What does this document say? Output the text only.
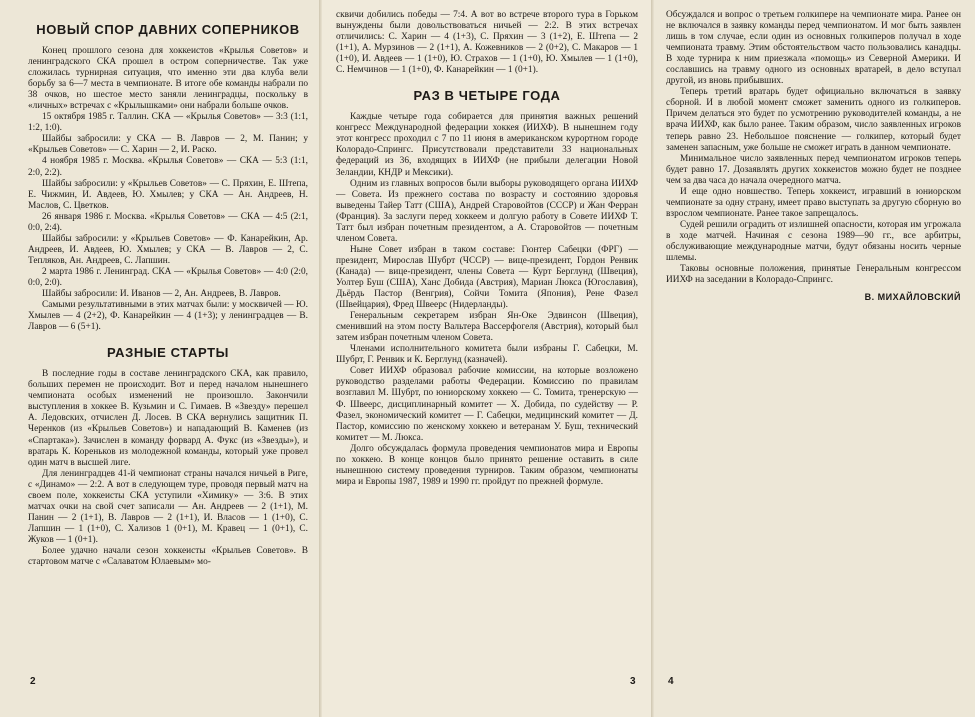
НОВЫЙ СПОР ДАВНИХ СОПЕРНИКОВ

Конец прошлого сезона для хоккеистов «Крылья Советов» и ленинградского СКА прошел в остром соперничестве. Так уже сложилась турнирная ситуация, что именно эти два клуба вели борьбу за 6—7 места в чемпионате. В итоге обе команды набрали по 38 очков, но шестое место заняли ленинградцы, поскольку в «личных» встречах с «Крылышками» они набрали больше очков.

15 октября 1985 г. Таллин. СКА — «Крылья Советов» — 3:3 (1:1, 1:2, 1:0).

Шайбы забросили: у СКА — В. Лавров — 2, М. Панин; у «Крыльев Советов» — С. Харин — 2, И. Раско.

4 ноября 1985 г. Москва. «Крылья Советов» — СКА — 5:3 (1:1, 2:0, 2:2).

Шайбы забросили: у «Крыльев Советов» — С. Пряхин, Е. Штепа, Е. Чижмин, И. Авдеев, Ю. Хмылев; у СКА — Ан. Андреев, Н. Маслов, С. Цветков.

26 января 1986 г. Москва. «Крылья Советов» — СКА — 4:5 (2:1, 0:0, 2:4).

Шайбы забросили: у «Крыльев Советов» — Ф. Канарейкин, Ар. Андреев, И. Авдеев, Ю. Хмылев; у СКА — В. Лавров — 2, С. Тепляков, Ан. Андреев, С. Лапшин.

2 марта 1986 г. Ленинград. СКА — «Крылья Советов» — 4:0 (2:0, 0:0, 2:0).

Шайбы забросили: И. Иванов — 2, Ан. Андреев, В. Лавров.

Самыми результативными в этих матчах были: у москвичей — Ю. Хмылев — 4 (2+2), Ф. Канарейкин — 4 (1+3); у ленинградцев — В. Лавров — 6 (5+1).

РАЗНЫЕ СТАРТЫ

В последние годы в составе ленинградского СКА, как правило, больших перемен не происходит. Вот и перед началом нынешнего чемпионата особых изменений не произошло. Закончили выступления в хоккее В. Кузьмин и С. Гимаев. В «Звезду» перешел А. Ледовских, отчислен Д. Лосев. В СКА вернулись защитник П. Черенков (из «Крыльев Советов») и нападающий В. Каменев (из «Спартака»). Зачислен в команду форвард А. Фукс (из «Звезды»), и вратарь К. Кореньков из молодежной команды, который уже провел один матч в высшей лиге.

Для ленинградцев 41-й чемпионат страны начался ничьей в Риге, с «Динамо» — 2:2. А вот в следующем туре, проводя первый матч на своем поле, хоккеисты СКА уступили «Химику» — 3:6. В этих матчах очки на свой счет записали — Ан. Андреев — 2 (1+1), М. Панин — 2 (1+1), В. Лавров — 2 (1+1), И. Власов — 1 (1+0), С. Лапшин — 1 (1+0), С. Хализов 1 (0+1), М. Кравец — 1 (0+1), С. Жуков — 1 (0+1).

Более удачно начали сезон хоккеисты «Крыльев Советов». В стартовом матче с «Салаватом Юлаевым» мо-

сквичи добились победы — 7:4. А вот во встрече второго тура в Горьком вынуждены были довольствоваться ничьей — 2:2. В этих встречах отличились: С. Харин — 4 (1+3), С. Пряхин — 3 (1+2), Е. Штепа — 2 (1+1), А. Мурзинов — 2 (1+1), А. Кожевников — 2 (0+2), С. Макаров — 1 (1+0), И. Авдеев — 1 (1+0), Ю. Страхов — 1 (1+0), Ю. Хмылев — 1 (1+0), С. Немчинов — 1 (1+0), Ф. Канарейкин — 1 (0+1).

РАЗ В ЧЕТЫРЕ ГОДА

Каждые четыре года собирается для принятия важных решений конгресс Международной федерации хоккея (ИИХФ). В нынешнем году этот конгресс проходил с 7 по 11 июня в американском курортном городе Колорадо-Спрингс. Присутствовали представители 33 национальных федераций из 36, входящих в ИИХФ (не прибыли делегации Новой Зеландии, КНДР и Мексики).

Одним из главных вопросов были выборы руководящего органа ИИХФ — Совета. Из прежнего состава по возрасту и состоянию здоровья выведены Тайер Татт (США), Андрей Старовойтов (СССР) и Жан Ферран (Франция). За заслуги перед хоккеем и долгую работу в Совете ИИХФ Т. Татт был избран почетным президентом, а А. Старовойтов — почетным членом Совета.

Ныне Совет избран в таком составе: Гюнтер Сабецки (ФРГ) — президент, Мирослав Шубрт (ЧССР) — вице-президент, Гордон Ренвик (Канада) — вице-президент, члены Совета — Курт Берглунд (Швеция), Уолтер Буш (США), Ханс Добида (Австрия), Мариан Люкса (Югославия), Дьёрдь Пастор (Венгрия), Сойчи Томита (Япония), Рене Фазел (Швейцария), Фред Швеерс (Нидерланды).

Генеральным секретарем избран Ян-Оке Эдвинсон (Швеция), сменивший на этом посту Вальтера Вассерфогеля (Австрия), который был затем избран почетным членом Совета.

Членами исполнительного комитета были избраны Г. Сабецки, М. Шубрт, Г. Ренвик и К. Берглунд (казначей).

Совет ИИХФ образовал рабочие комиссии, на которые возложено руководство разделами работы Федерации. Комиссию по правилам возглавил М. Шубрт, по юниорскому хоккею — С. Томита, тренерскую — Ф. Швеерс, дисциплинарный комитет — Х. Добида, по судейству — Р. Фазел, экономический комитет — Г. Сабецки, медицинский комитет — Д. Пастор, комиссию по женскому хоккею и ветеранам У. Буш, технический комитет — М. Люкса.

Долго обсуждалась формула проведения чемпионатов мира и Европы по хоккею. В конце концов было принято решение оставить в силе нынешнюю систему проведения турниров. Таким образом, чемпионаты мира и Европы 1987, 1989 и 1990 гг. пройдут по прежней формуле.

Обсуждался и вопрос о третьем голкипере на чемпионате мира. Ранее он не включался в заявку команды перед чемпионатом. И мог быть заявлен лишь в том случае, если один из основных голкиперов получал в ходе чемпионата травму. Этим обстоятельством часто пользовались канадцы. В ходе турнира к ним приезжала «помощь» из Северной Америки. И сославшись на травму одного из основных вратарей, в дело вступал другой, из вновь прибывших.

Теперь третий вратарь будет официально включаться в заявку сборной. И в любой момент сможет заменить одного из голкиперов. Причем делаться это будет по усмотрению руководителей команды, а не врача ИИХФ, как было ранее. Таким образом, число заявленных игроков теперь равно 23. Небольшое пояснение — голкипер, который будет заменен запасным, уже больше не сможет играть в данном чемпионате.

Минимальное число заявленных перед чемпионатом игроков теперь будет равно 17. Дозаявлять других хоккеистов можно будет не позднее чем за два часа до начала очередного матча.

И еще одно новшество. Теперь хоккеист, игравший в юниорском чемпионате за одну страну, имеет право выступать за другую сборную во взрослом чемпионате. Ранее такое запрещалось.

Судей решили оградить от излишней опасности, которая им угрожала в ходе матчей. Начиная с сезона 1989—90 гг., все арбитры, обслуживающие международные матчи, будут обязаны носить черные шлемы.

Таковы основные положения, принятые Генеральным конгрессом ИИХФ на заседании в Колорадо-Спрингс.

В. МИХАЙЛОВСКИЙ
2	3	4
